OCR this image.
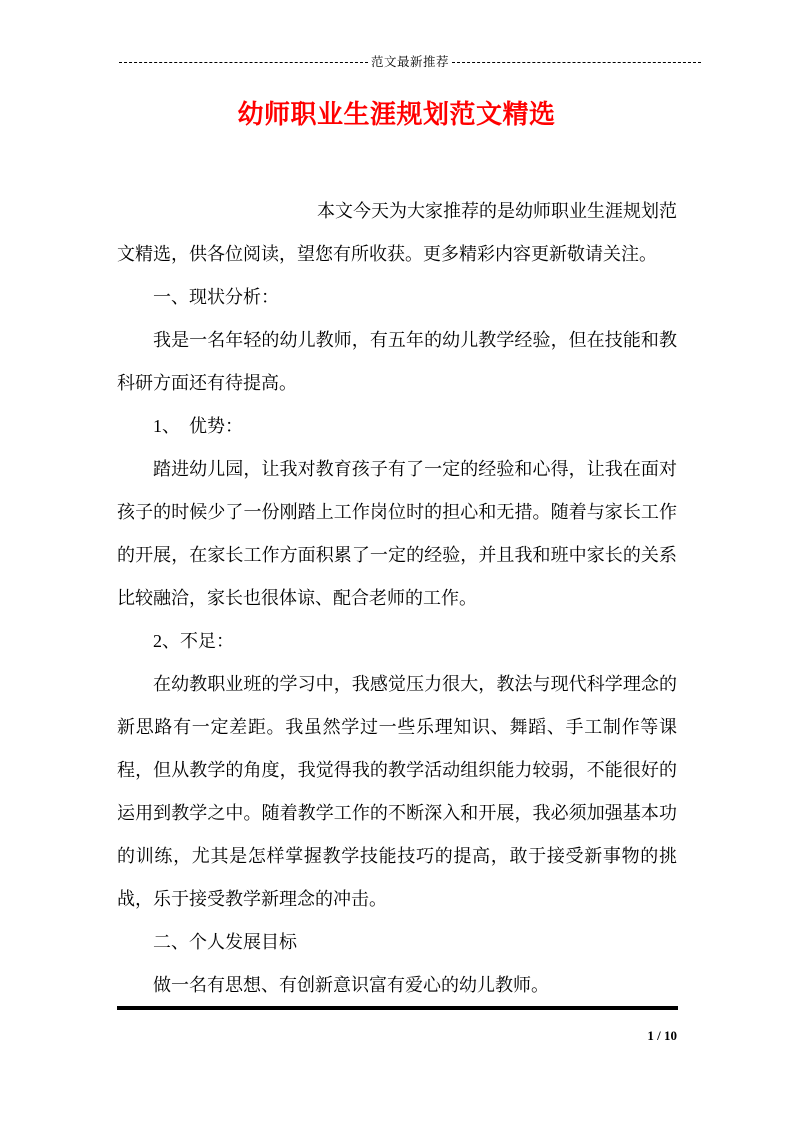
范文最新推荐
幼师职业生涯规划范文精选

本文今天为大家推荐的是幼师职业生涯规划范文精选，供各位阅读，望您有所收获。更多精彩内容更新敬请关注。

一、现状分析：

我是一名年轻的幼儿教师，有五年的幼儿教学经验，但在技能和教科研方面还有待提高。

1、　优势：

踏进幼儿园，让我对教育孩子有了一定的经验和心得，让我在面对孩子的时候少了一份刚踏上工作岗位时的担心和无措。随着与家长工作的开展，在家长工作方面积累了一定的经验，并且我和班中家长的关系比较融洽，家长也很体谅、配合老师的工作。

2、不足：

在幼教职业班的学习中，我感觉压力很大，教法与现代科学理念的新思路有一定差距。我虽然学过一些乐理知识、舞蹈、手工制作等课程，但从教学的角度，我觉得我的教学活动组织能力较弱，不能很好的运用到教学之中。随着教学工作的不断深入和开展，我必须加强基本功的训练，尤其是怎样掌握教学技能技巧的提高，敢于接受新事物的挑战，乐于接受教学新理念的冲击。

二、个人发展目标

做一名有思想、有创新意识富有爱心的幼儿教师。

1 / 10
